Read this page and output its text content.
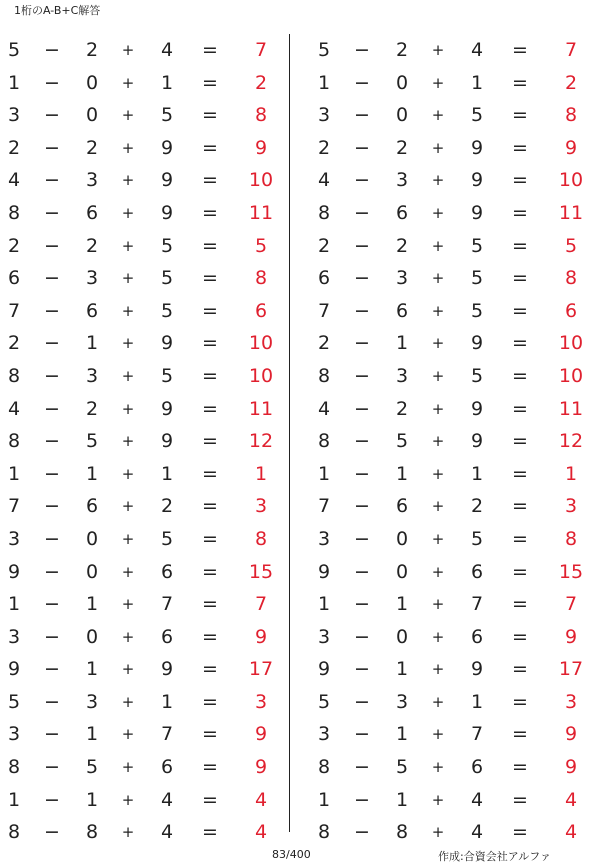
1桁のA-B+C解答
5	−	2	+	4	=	7
1	−	0	+	1	=	2
3	−	0	+	5	=	8
2	−	2	+	9	=	9
4	−	3	+	9	=	10
8	−	6	+	9	=	11
2	−	2	+	5	=	5
6	−	3	+	5	=	8
7	−	6	+	5	=	6
2	−	1	+	9	=	10
8	−	3	+	5	=	10
4	−	2	+	9	=	11
8	−	5	+	9	=	12
1	−	1	+	1	=	1
7	−	6	+	2	=	3
3	−	0	+	5	=	8
9	−	0	+	6	=	15
1	−	1	+	7	=	7
3	−	0	+	6	=	9
9	−	1	+	9	=	17
5	−	3	+	1	=	3
3	−	1	+	7	=	9
8	−	5	+	6	=	9
1	−	1	+	4	=	4
8	−	8	+	4	=	4
5	−	2	+	4	=	7
1	−	0	+	1	=	2
3	−	0	+	5	=	8
2	−	2	+	9	=	9
4	−	3	+	9	=	10
8	−	6	+	9	=	11
2	−	2	+	5	=	5
6	−	3	+	5	=	8
7	−	6	+	5	=	6
2	−	1	+	9	=	10
8	−	3	+	5	=	10
4	−	2	+	9	=	11
8	−	5	+	9	=	12
1	−	1	+	1	=	1
7	−	6	+	2	=	3
3	−	0	+	5	=	8
9	−	0	+	6	=	15
1	−	1	+	7	=	7
3	−	0	+	6	=	9
9	−	1	+	9	=	17
5	−	3	+	1	=	3
3	−	1	+	7	=	9
8	−	5	+	6	=	9
1	−	1	+	4	=	4
8	−	8	+	4	=	4
83/400	作成:合資会社アルファ
